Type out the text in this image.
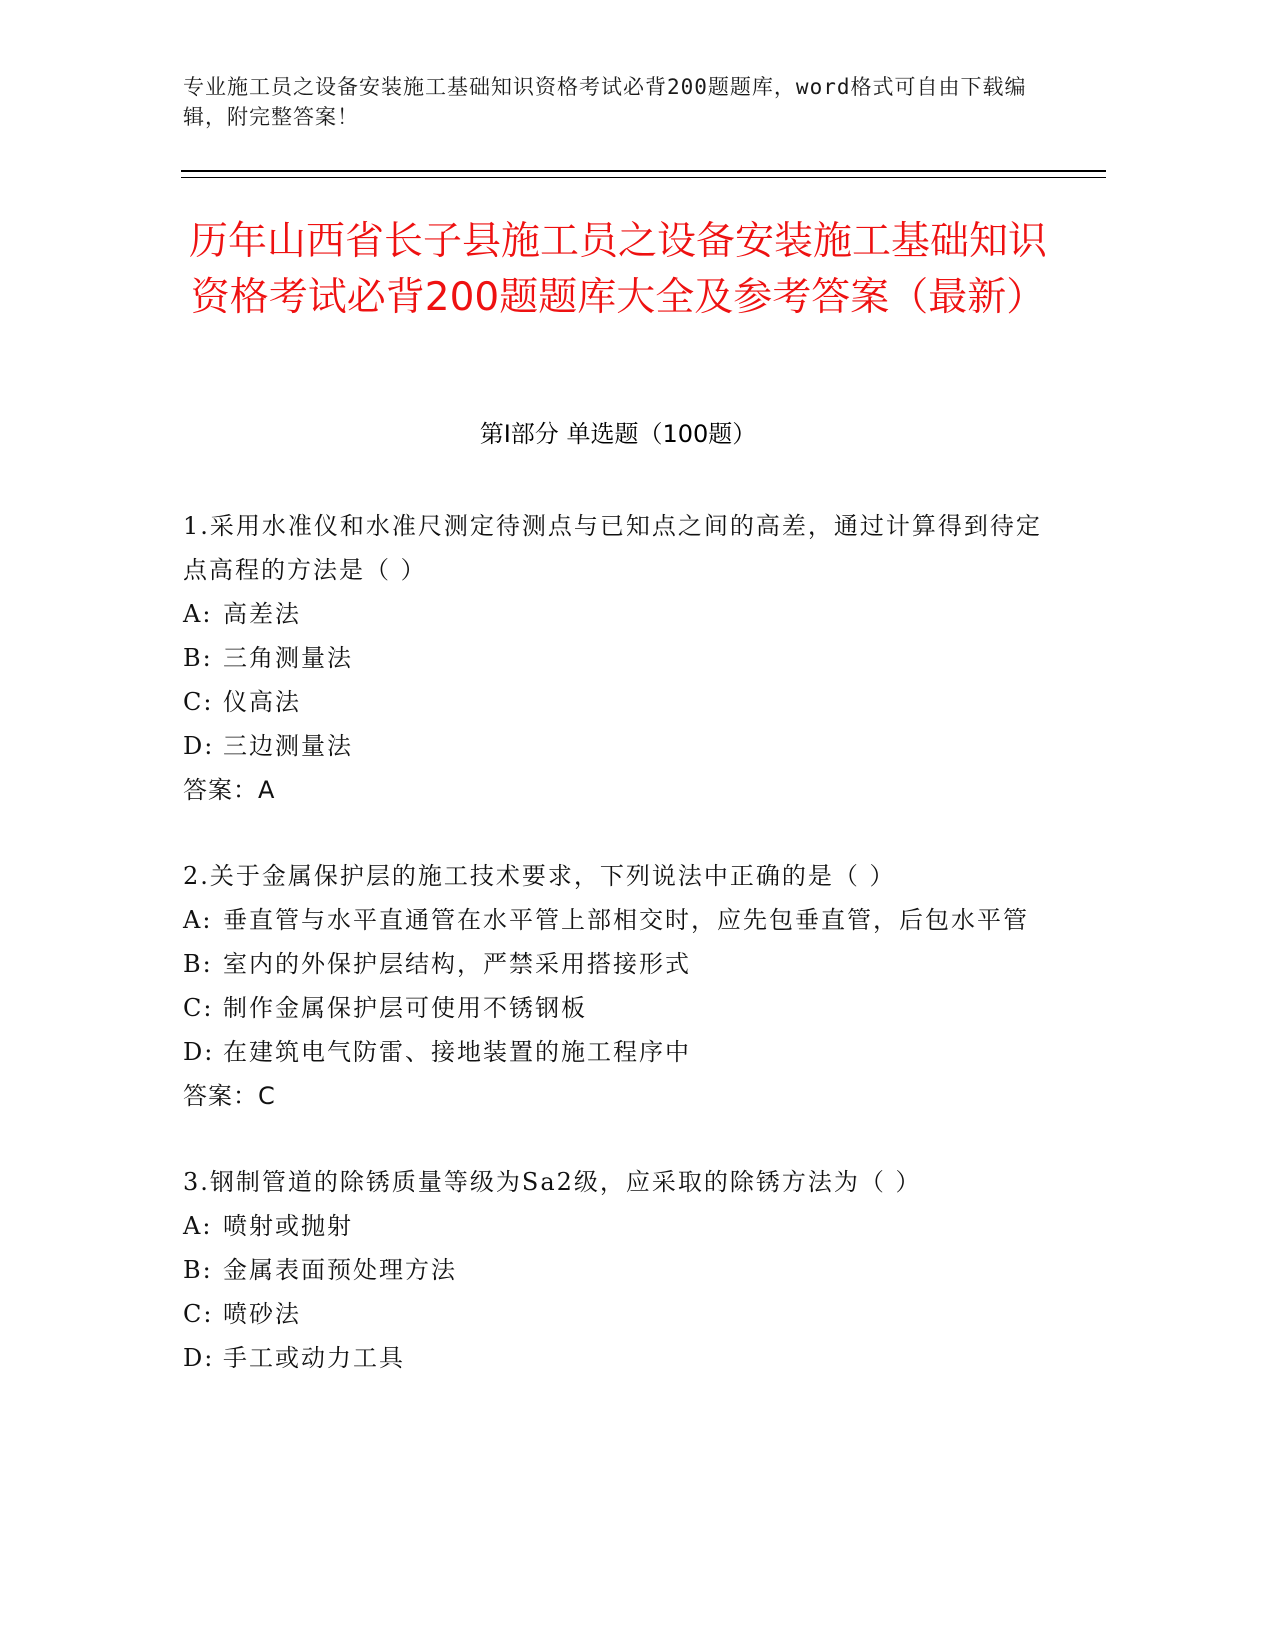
专业施工员之设备安装施工基础知识资格考试必背200题题库，word格式可自由下载编辑，附完整答案！
历年山西省长子县施工员之设备安装施工基础知识资格考试必背200题题库大全及参考答案（最新）
第I部分 单选题（100题）

1.采用水准仪和水准尺测定待测点与已知点之间的高差，通过计算得到待定点高程的方法是（ ）

A: 高差法

B: 三角测量法

C: 仪高法

D: 三边测量法

答案：A

2.关于金属保护层的施工技术要求，下列说法中正确的是（ ）

A: 垂直管与水平直通管在水平管上部相交时，应先包垂直管，后包水平管

B: 室内的外保护层结构，严禁采用搭接形式

C: 制作金属保护层可使用不锈钢板

D: 在建筑电气防雷、接地装置的施工程序中

答案：C

3.钢制管道的除锈质量等级为Sa2级，应采取的除锈方法为（ ）

A: 喷射或抛射

B: 金属表面预处理方法

C: 喷砂法

D: 手工或动力工具
